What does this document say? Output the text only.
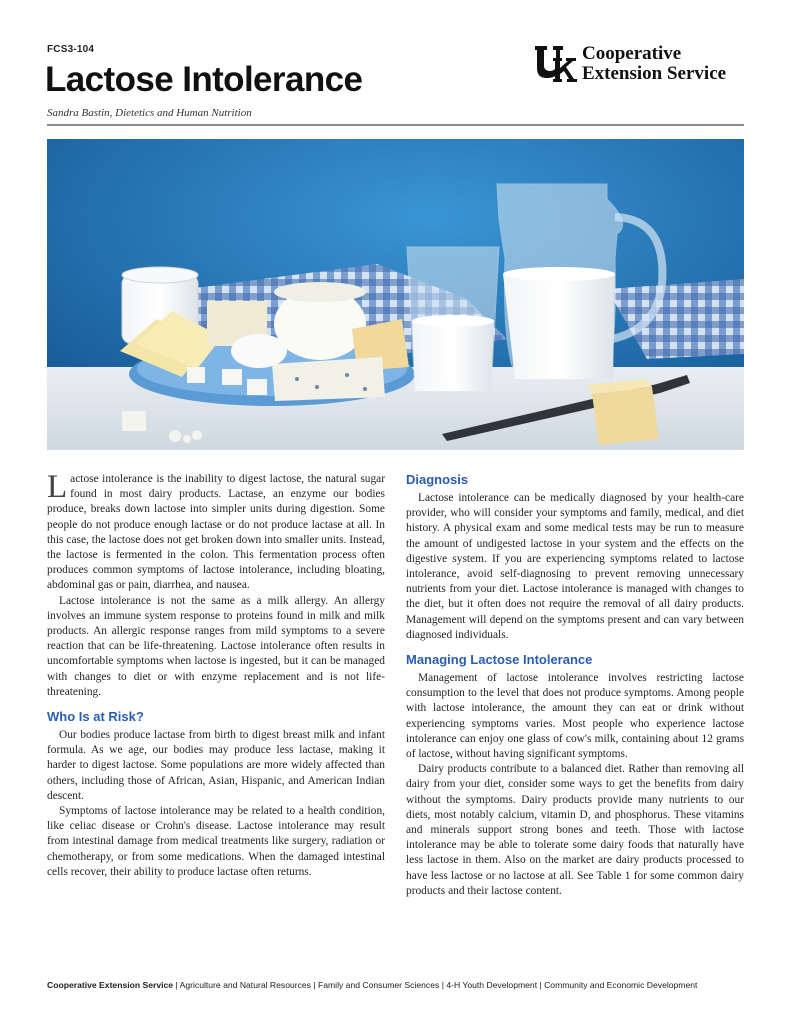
FCS3-104
Lactose Intolerance
Sandra Bastin, Dietetics and Human Nutrition
Cooperative
Extension Service

Lactose intolerance is the inability to digest lactose, the natural sugar found in most dairy products. Lactase, an enzyme our bodies produce, breaks down lactose into simpler units during digestion. Some people do not produce enough lactase or do not produce lactase at all. In this case, the lactose does not get broken down into smaller units. Instead, the lactose is fermented in the colon. This fermentation process often produces common symptoms of lactose intolerance, including bloating, abdominal gas or pain, diarrhea, and nausea.

Lactose intolerance is not the same as a milk allergy. An allergy involves an immune system response to proteins found in milk and milk products. An allergic response ranges from mild symptoms to a severe reaction that can be life-threatening. Lactose intolerance often results in uncomfortable symptoms when lactose is ingested, but it can be managed with changes to diet or with enzyme replacement and is not life-threatening.

Who Is at Risk?

Our bodies produce lactase from birth to digest breast milk and infant formula. As we age, our bodies may produce less lactase, making it harder to digest lactose. Some populations are more widely affected than others, including those of African, Asian, Hispanic, and American Indian descent.

Symptoms of lactose intolerance may be related to a health condition, like celiac disease or Crohn's disease. Lactose intolerance may result from intestinal damage from medical treatments like surgery, radiation or chemotherapy, or from some medications. When the damaged intestinal cells recover, their ability to produce lactase often returns.

Diagnosis

Lactose intolerance can be medically diagnosed by your health-care provider, who will consider your symptoms and family, medical, and diet history. A physical exam and some medical tests may be run to measure the amount of undigested lactose in your system and the effects on the digestive system. If you are experiencing symptoms related to lactose intolerance, avoid self-diagnosing to prevent removing unnecessary nutrients from your diet. Lactose intolerance is managed with changes to the diet, but it often does not require the removal of all dairy products. Management will depend on the symptoms present and can vary between diagnosed individuals.

Managing Lactose Intolerance

Management of lactose intolerance involves restricting lactose consumption to the level that does not produce symptoms. Among people with lactose intolerance, the amount they can eat or drink without experiencing symptoms varies. Most people who experience lactose intolerance can enjoy one glass of cow's milk, containing about 12 grams of lactose, without having significant symptoms.

Dairy products contribute to a balanced diet. Rather than removing all dairy from your diet, consider some ways to get the benefits from dairy without the symptoms. Dairy products provide many nutrients to our diets, most notably calcium, vitamin D, and phosphorus. These vitamins and minerals support strong bones and teeth. Those with lactose intolerance may be able to tolerate some dairy foods that naturally have less lactose in them. Also on the market are dairy products processed to have less lactose or no lactose at all. See Table 1 for some common dairy products and their lactose content.

Cooperative Extension Service | Agriculture and Natural Resources | Family and Consumer Sciences | 4-H Youth Development | Community and Economic Development
